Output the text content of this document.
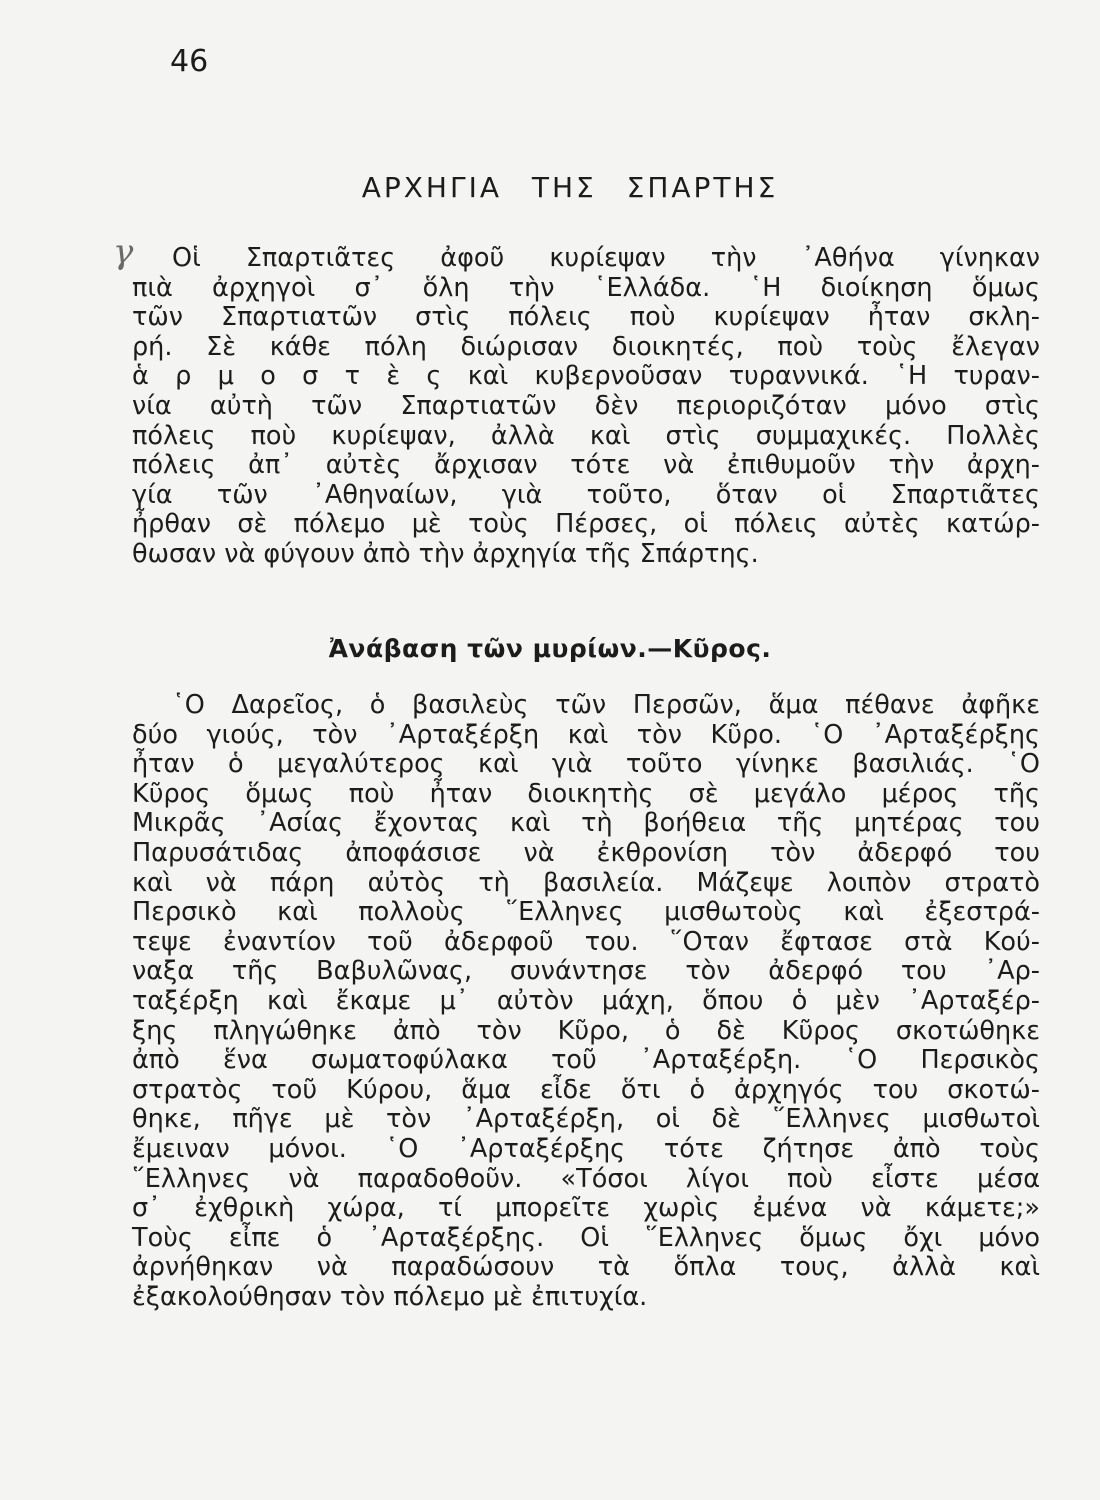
46

ΑΡΧΗΓΙΑ ΤΗΣ ΣΠΑΡΤΗΣ
γ	Οἱ Σπαρτιᾶτες ἀφοῦ κυρίεψαν τὴν ᾿Αθήνα γίνηκαν
πιὰ ἀρχηγοὶ σ᾿ ὅλη τὴν ῾Ελλάδα. ῾Η διοίκηση ὅμως
τῶν Σπαρτιατῶν στὶς πόλεις ποὺ κυρίεψαν ἦταν σκλη-
ρή. Σὲ κάθε πόλη διώρισαν διοικητές, ποὺ τοὺς ἔλεγαν
ἁ ρ μ ο σ τ ὲ ς καὶ κυβερνοῦσαν τυραννικά. ῾Η τυραν-
νία αὐτὴ τῶν Σπαρτιατῶν δὲν περιοριζόταν μόνο στὶς
πόλεις ποὺ κυρίεψαν, ἀλλὰ καὶ στὶς συμμαχικές. Πολλὲς
πόλεις ἀπ᾿ αὐτὲς ἄρχισαν τότε νὰ ἐπιθυμοῦν τὴν ἀρχη-
γία τῶν ᾿Αθηναίων, γιὰ τοῦτο, ὅταν οἱ Σπαρτιᾶτες
ἦρθαν σὲ πόλεμο μὲ τοὺς Πέρσες, οἱ πόλεις αὐτὲς κατώρ-
θωσαν νὰ φύγουν ἀπὸ τὴν ἀρχηγία τῆς Σπάρτης.

Ἀνάβαση τῶν μυρίων.—Κῦρος.

῾Ο Δαρεῖος, ὁ βασιλεὺς τῶν Περσῶν, ἅμα πέθανε ἀφῆκε
δύο γιούς, τὸν ᾿Αρταξέρξη καὶ τὸν Κῦρο. ῾Ο ᾿Αρταξέρξης
ἦταν ὁ μεγαλύτερος καὶ γιὰ τοῦτο γίνηκε βασιλιάς. ῾Ο
Κῦρος ὅμως ποὺ ἦταν διοικητὴς σὲ μεγάλο μέρος τῆς
Μικρᾶς ᾿Ασίας ἔχοντας καὶ τὴ βοήθεια τῆς μητέρας του
Παρυσάτιδας ἀποφάσισε νὰ ἐκθρονίση τὸν ἀδερφό του
καὶ νὰ πάρη αὐτὸς τὴ βασιλεία. Μάζεψε λοιπὸν στρατὸ
Περσικὸ καὶ πολλοὺς ῞Ελληνες μισθωτοὺς καὶ ἐξεστρά-
τεψε ἐναντίον τοῦ ἀδερφοῦ του. ῞Οταν ἔφτασε στὰ Κού-
ναξα τῆς Βαβυλῶνας, συνάντησε τὸν ἀδερφό του ᾿Αρ-
ταξέρξη καὶ ἔκαμε μ᾿ αὐτὸν μάχη, ὅπου ὁ μὲν ᾿Αρταξέρ-
ξης πληγώθηκε ἀπὸ τὸν Κῦρο, ὁ δὲ Κῦρος σκοτώθηκε
ἀπὸ ἕνα σωματοφύλακα τοῦ ᾿Αρταξέρξη. ῾Ο Περσικὸς
στρατὸς τοῦ Κύρου, ἅμα εἶδε ὅτι ὁ ἀρχηγός του σκοτώ-
θηκε, πῆγε μὲ τὸν ᾿Αρταξέρξη, οἱ δὲ ῞Ελληνες μισθωτοὶ
ἔμειναν μόνοι. ῾Ο ᾿Αρταξέρξης τότε ζήτησε ἀπὸ τοὺς
῞Ελληνες νὰ παραδοθοῦν. «Τόσοι λίγοι ποὺ εἶστε μέσα
σ᾿ ἐχθρικὴ χώρα, τί μπορεῖτε χωρὶς ἐμένα νὰ κάμετε;»
Τοὺς εἶπε ὁ ᾿Αρταξέρξης. Οἱ ῞Ελληνες ὅμως ὄχι μόνο
ἀρνήθηκαν νὰ παραδώσουν τὰ ὅπλα τους, ἀλλὰ καὶ
ἐξακολούθησαν τὸν πόλεμο μὲ ἐπιτυχία.
